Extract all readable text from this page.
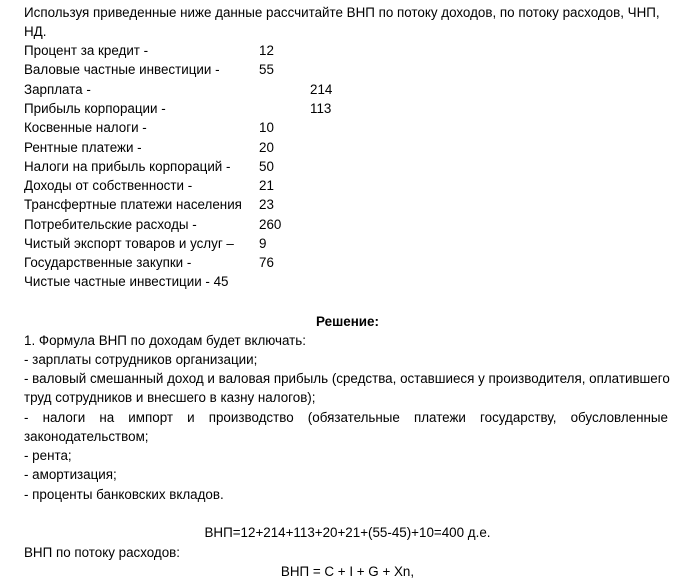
Используя приведенные ниже данные рассчитайте ВНП по потоку доходов, по потоку расходов, ЧНП,
НД.
Процент за кредит -	12
Валовые частные инвестиции -	55
Зарплата -	214
Прибыль корпорации -	113
Косвенные налоги -	10
Рентные платежи -	20
Налоги на прибыль корпораций - 50
Доходы от собственности -	21
Трансфертные платежи населения 23
Потребительские расходы -	260
Чистый экспорт товаров и услуг – 9
Государственные закупки -	76
Чистые частные инвестиции - 45
Решение:
1. Формула ВНП по доходам будет включать:
- зарплаты сотрудников организации;
- валовый смешанный доход и валовая прибыль (средства, оставшиеся у производителя, оплатившего
труд сотрудников и внесшего в казну налогов);
- налоги на импорт и производство (обязательные платежи государству, обусловленные
законодательством;
- рента;
- амортизация;
- проценты банковских вкладов.
ВНП=12+214+113+20+21+(55-45)+10=400 д.е.
ВНП по потоку расходов:
ВНП = С + I + G + Xn,
